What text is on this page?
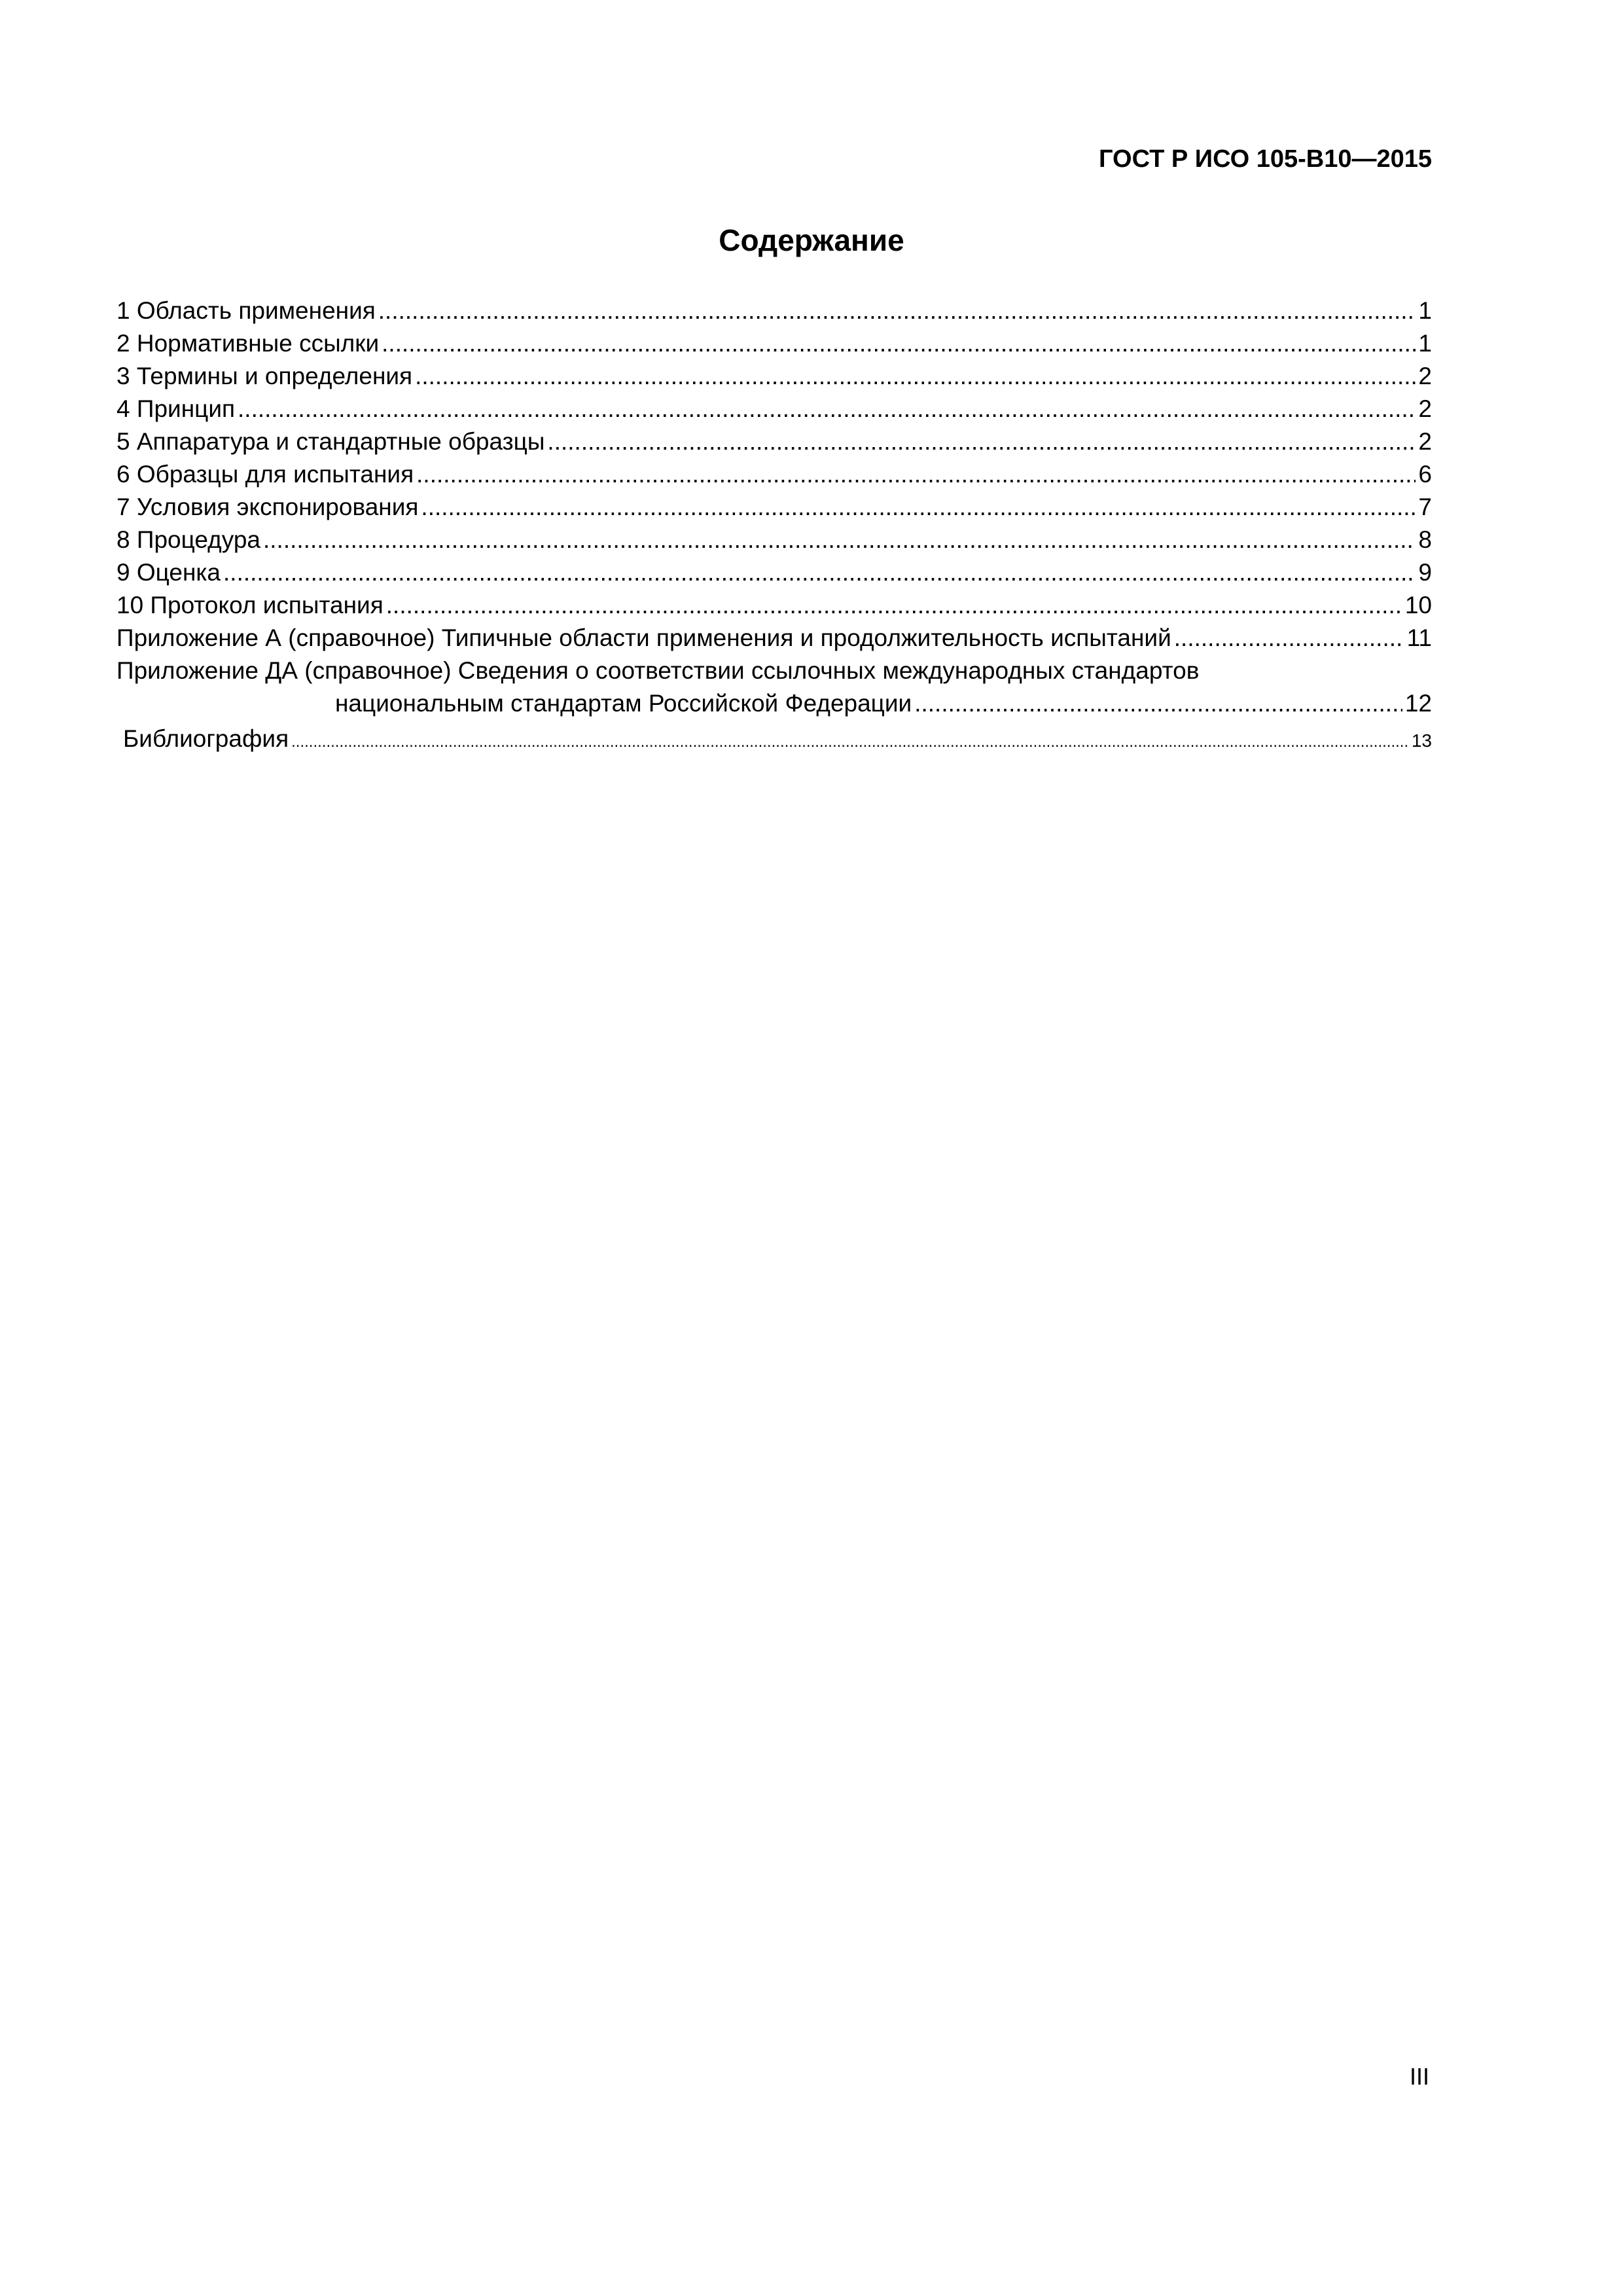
ГОСТ Р ИСО 105-B10—2015
Содержание
1 Область применения .....	1
2 Нормативные ссылки .....	1
3 Термины и определения .....	2
4 Принцип .....	2
5 Аппаратура и стандартные образцы .....	2
6 Образцы для испытания .....	6
7 Условия экспонирования .....	7
8 Процедура .....	8
9 Оценка .....	9
10 Протокол испытания .....	10
Приложение А (справочное) Типичные области применения и продолжительность испытаний .....	11
Приложение ДА (справочное) Сведения о соответствии ссылочных международных стандартов
национальным стандартам Российской Федерации .....	12
Библиография .....	13
III
